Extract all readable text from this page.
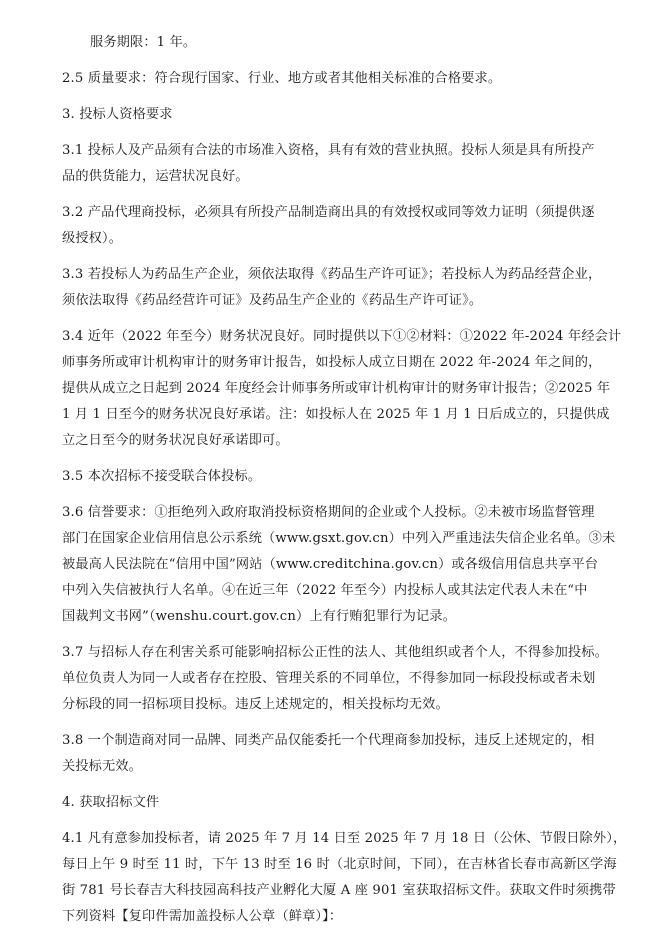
服务期限：1 年。
2.5 质量要求：符合现行国家、行业、地方或者其他相关标准的合格要求。
3. 投标人资格要求
3.1 投标人及产品须有合法的市场准入资格，具有有效的营业执照。投标人须是具有所投产
品的供货能力，运营状况良好。
3.2 产品代理商投标，必须具有所投产品制造商出具的有效授权或同等效力证明（须提供逐
级授权）。
3.3 若投标人为药品生产企业，须依法取得《药品生产许可证》；若投标人为药品经营企业，
须依法取得《药品经营许可证》及药品生产企业的《药品生产许可证》。
3.4 近年（2022 年至今）财务状况良好。同时提供以下①②材料：①2022 年-2024 年经会计
师事务所或审计机构审计的财务审计报告，如投标人成立日期在 2022 年-2024 年之间的，
提供从成立之日起到 2024 年度经会计师事务所或审计机构审计的财务审计报告；②2025 年
1 月 1 日至今的财务状况良好承诺。注：如投标人在 2025 年 1 月 1 日后成立的，只提供成
立之日至今的财务状况良好承诺即可。
3.5 本次招标不接受联合体投标。
3.6 信誉要求：①拒绝列入政府取消投标资格期间的企业或个人投标。②未被市场监督管理
部门在国家企业信用信息公示系统（www.gsxt.gov.cn）中列入严重违法失信企业名单。③未
被最高人民法院在“信用中国”网站（www.creditchina.gov.cn）或各级信用信息共享平台
中列入失信被执行人名单。④在近三年（2022 年至今）内投标人或其法定代表人未在“中
国裁判文书网”（wenshu.court.gov.cn）上有行贿犯罪行为记录。
3.7 与招标人存在利害关系可能影响招标公正性的法人、其他组织或者个人，不得参加投标。
单位负责人为同一人或者存在控股、管理关系的不同单位，不得参加同一标段投标或者未划
分标段的同一招标项目投标。违反上述规定的，相关投标均无效。
3.8 一个制造商对同一品牌、同类产品仅能委托一个代理商参加投标，违反上述规定的，相
关投标无效。
4. 获取招标文件
4.1 凡有意参加投标者，请 2025 年 7 月 14 日至 2025 年 7 月 18 日（公休、节假日除外），
每日上午 9 时至 11 时，下午 13 时至 16 时（北京时间，下同），在吉林省长春市高新区学海
街 781 号长春吉大科技园高科技产业孵化大厦 A 座 901 室获取招标文件。获取文件时须携带
下列资料【复印件需加盖投标人公章（鲜章）】：
